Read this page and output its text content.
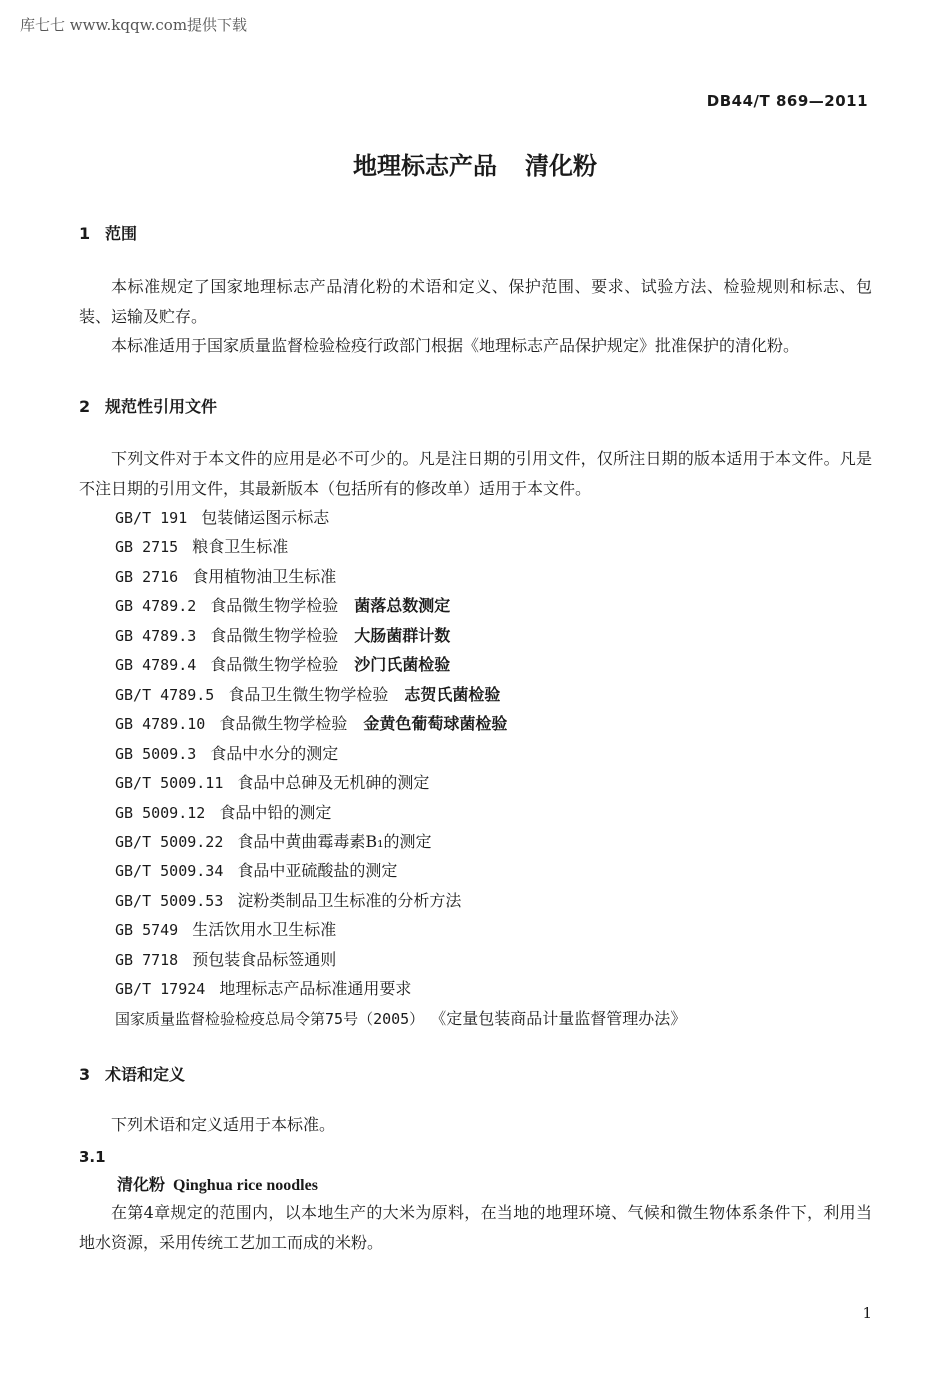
库七七 www.kqqw.com提供下载
DB44/T 869—2011
地理标志产品 清化粉
1 范围
本标准规定了国家地理标志产品清化粉的术语和定义、保护范围、要求、试验方法、检验规则和标志、包装、运输及贮存。
本标准适用于国家质量监督检验检疫行政部门根据《地理标志产品保护规定》批准保护的清化粉。
2 规范性引用文件
下列文件对于本文件的应用是必不可少的。凡是注日期的引用文件，仅所注日期的版本适用于本文件。凡是不注日期的引用文件，其最新版本（包括所有的修改单）适用于本文件。
GB/T 191 包装储运图示标志
GB 2715 粮食卫生标准
GB 2716 食用植物油卫生标准
GB 4789.2 食品微生物学检验 菌落总数测定
GB 4789.3 食品微生物学检验 大肠菌群计数
GB 4789.4 食品微生物学检验 沙门氏菌检验
GB/T 4789.5 食品卫生微生物学检验 志贺氏菌检验
GB 4789.10 食品微生物学检验 金黄色葡萄球菌检验
GB 5009.3 食品中水分的测定
GB/T 5009.11 食品中总砷及无机砷的测定
GB 5009.12 食品中铅的测定
GB/T 5009.22 食品中黄曲霉毒素B₁的测定
GB/T 5009.34 食品中亚硫酸盐的测定
GB/T 5009.53 淀粉类制品卫生标准的分析方法
GB 5749 生活饮用水卫生标准
GB 7718 预包装食品标签通则
GB/T 17924 地理标志产品标准通用要求
国家质量监督检验检疫总局令第75号（2005） 《定量包装商品计量监督管理办法》
3 术语和定义
下列术语和定义适用于本标准。
3.1
清化粉 Qinghua rice noodles
在第4章规定的范围内，以本地生产的大米为原料，在当地的地理环境、气候和微生物体系条件下，利用当地水资源，采用传统工艺加工而成的米粉。
1
